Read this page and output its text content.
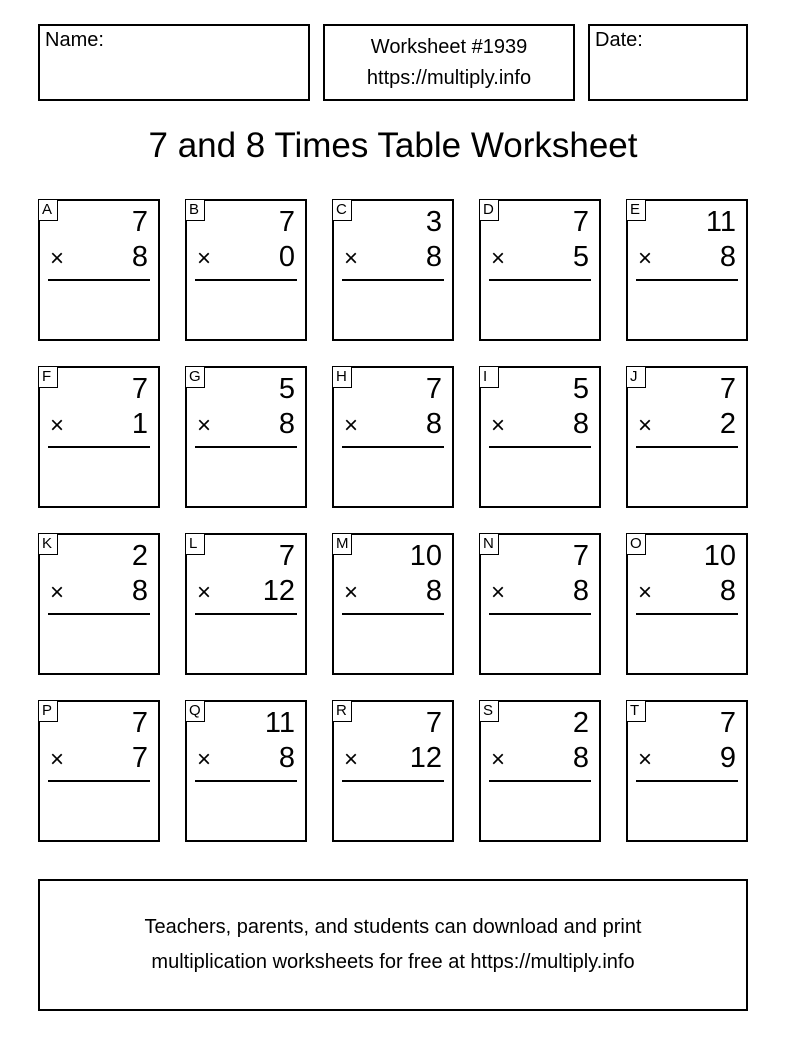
Name:	Worksheet #1939
https://multiply.info
Date:
7 and 8 Times Table Worksheet
A	7
× 8
B	7
× 0
C	3
× 8
D	7
× 5
E 11
× 8
F	7
× 1
G	5
× 8
H	7
× 8
I	5
× 8
J	7
× 2
K	2
× 8
L	7
× 12
M 10
× 8
N	7
× 8
O 10
× 8
P	7
× 7
Q 11
× 8
R	7
× 12
S	2
× 8
T	7
× 9
Teachers, parents, and students can download and print
multiplication worksheets for free at https://multiply.info
